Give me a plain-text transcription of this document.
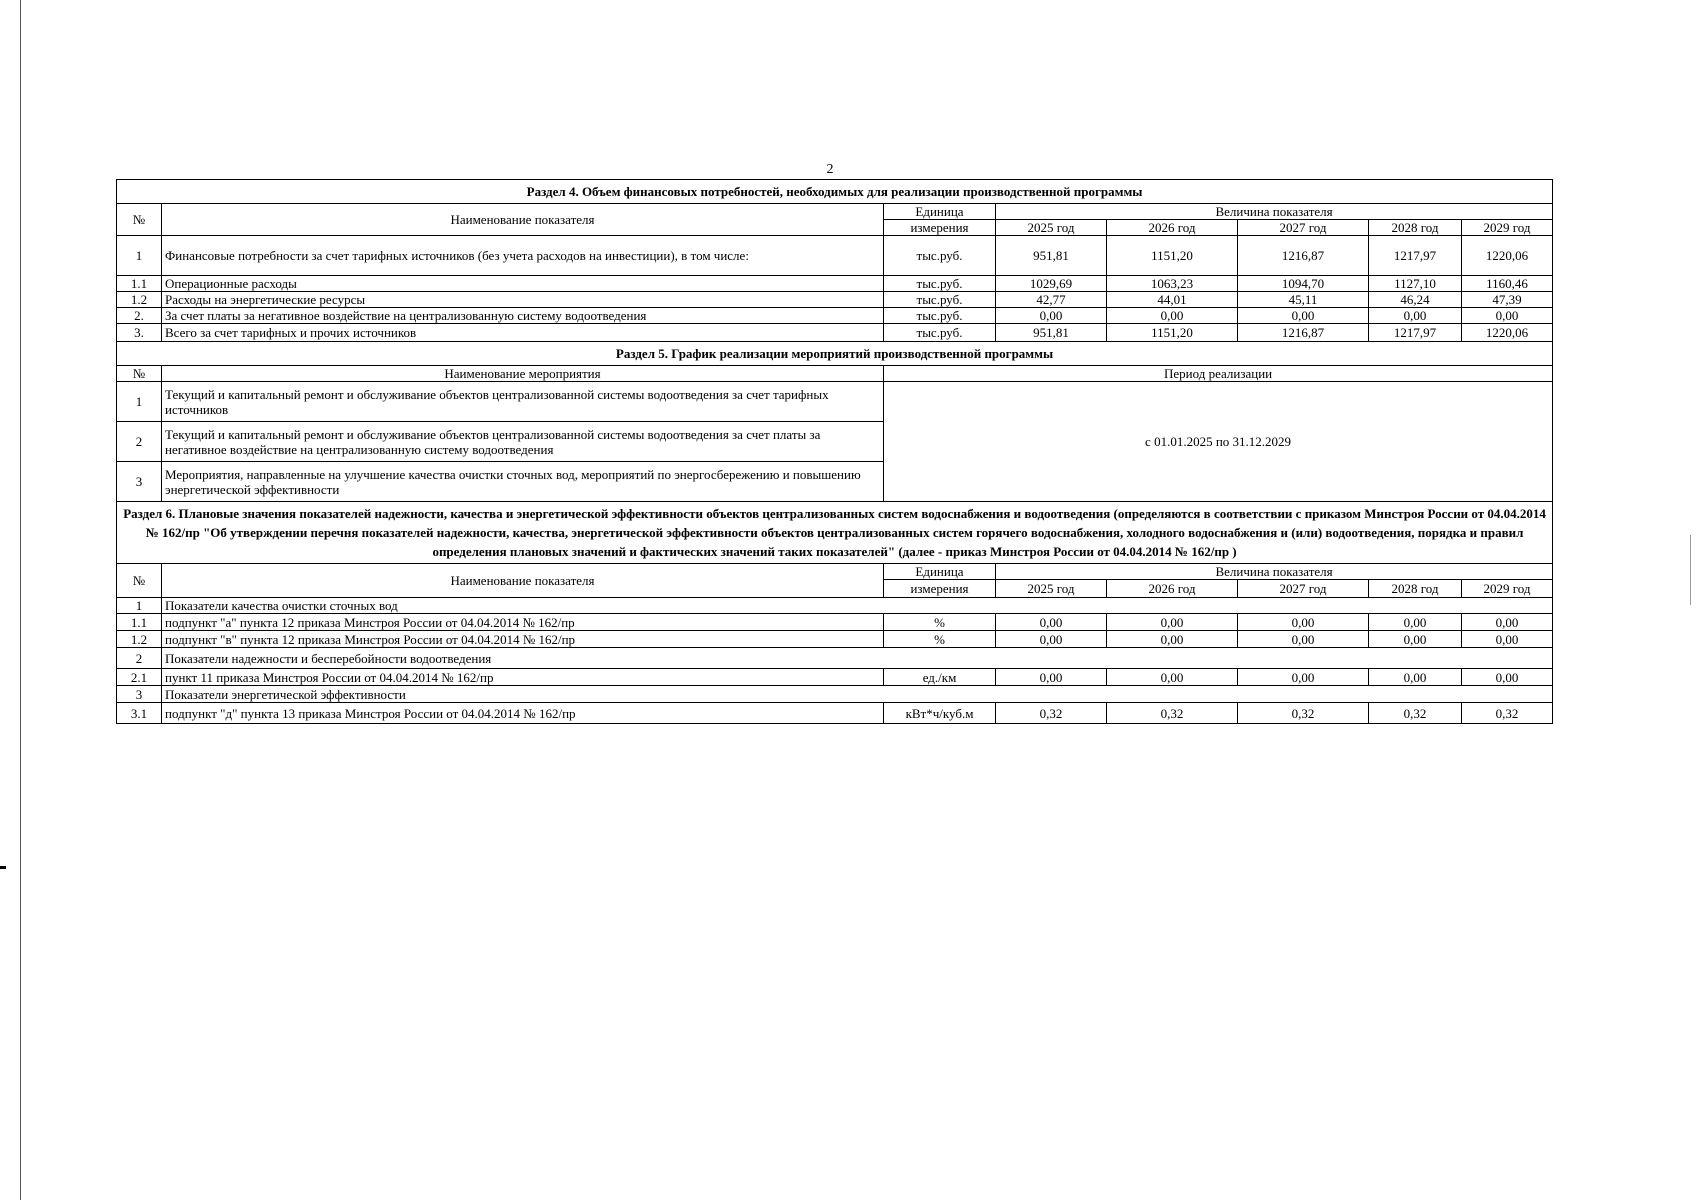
2
Раздел 4. Объем финансовых потребностей, необходимых для реализации производственной программы							
№	Наименование показателя	Единица	Величина показателя				
		измерения	2025 год	2026 год	2027 год	2028 год	2029 год
1	Финансовые потребности за счет тарифных источников (без учета расходов на инвестиции), в том числе:	тыс.руб.	951,81	1151,20	1216,87	1217,97	1220,06
1.1	Операционные расходы	тыс.руб.	1029,69	1063,23	1094,70	1127,10	1160,46
1.2	Расходы на энергетические ресурсы	тыс.руб.	42,77	44,01	45,11	46,24	47,39
2.	За счет платы за негативное воздействие на централизованную систему водоотведения	тыс.руб.	0,00	0,00	0,00	0,00	0,00
3.	Всего за счет тарифных и прочих источников	тыс.руб.	951,81	1151,20	1216,87	1217,97	1220,06
Раздел 5. График реализации мероприятий производственной программы							
№	Наименование мероприятия	Период реализации					
1	Текущий и капитальный ремонт и обслуживание объектов централизованной системы водоотведения за счет тарифных источников	с 01.01.2025 по 31.12.2029					
2	Текущий и капитальный ремонт и обслуживание объектов централизованной системы водоотведения за счет платы за негативное воздействие на централизованную систему водоотведения						
3	Мероприятия, направленные на улучшение качества очистки сточных вод, мероприятий по энергосбережению и повышению энергетической эффективности						
Раздел 6. Плановые значения показателей надежности, качества и энергетической эффективности объектов централизованных систем водоснабжения и водоотведения (определяются в соответствии с приказом Минстроя России от 04.04.2014 № 162/пр "Об утверждении перечня показателей надежности, качества, энергетической эффективности объектов централизованных систем горячего водоснабжения, холодного водоснабжения и (или) водоотведения, порядка и правил определения плановых значений и фактических значений таких показателей" (далее - приказ Минстроя России от 04.04.2014 № 162/пр )							
№	Наименование показателя	Единица	Величина показателя				
		измерения	2025 год	2026 год	2027 год	2028 год	2029 год
1	Показатели качества очистки сточных вод						
1.1	подпункт "а" пункта 12 приказа Минстроя России от 04.04.2014 № 162/пр	%	0,00	0,00	0,00	0,00	0,00
1.2	подпункт "в" пункта 12 приказа Минстроя России от 04.04.2014 № 162/пр	%	0,00	0,00	0,00	0,00	0,00
2	Показатели надежности и бесперебойности водоотведения						
2.1	пункт 11 приказа Минстроя России от 04.04.2014 № 162/пр	ед./км	0,00	0,00	0,00	0,00	0,00
3	Показатели энергетической эффективности						
3.1	подпункт "д" пункта 13 приказа Минстроя России от 04.04.2014 № 162/пр	кВт*ч/куб.м	0,32	0,32	0,32	0,32	0,32
